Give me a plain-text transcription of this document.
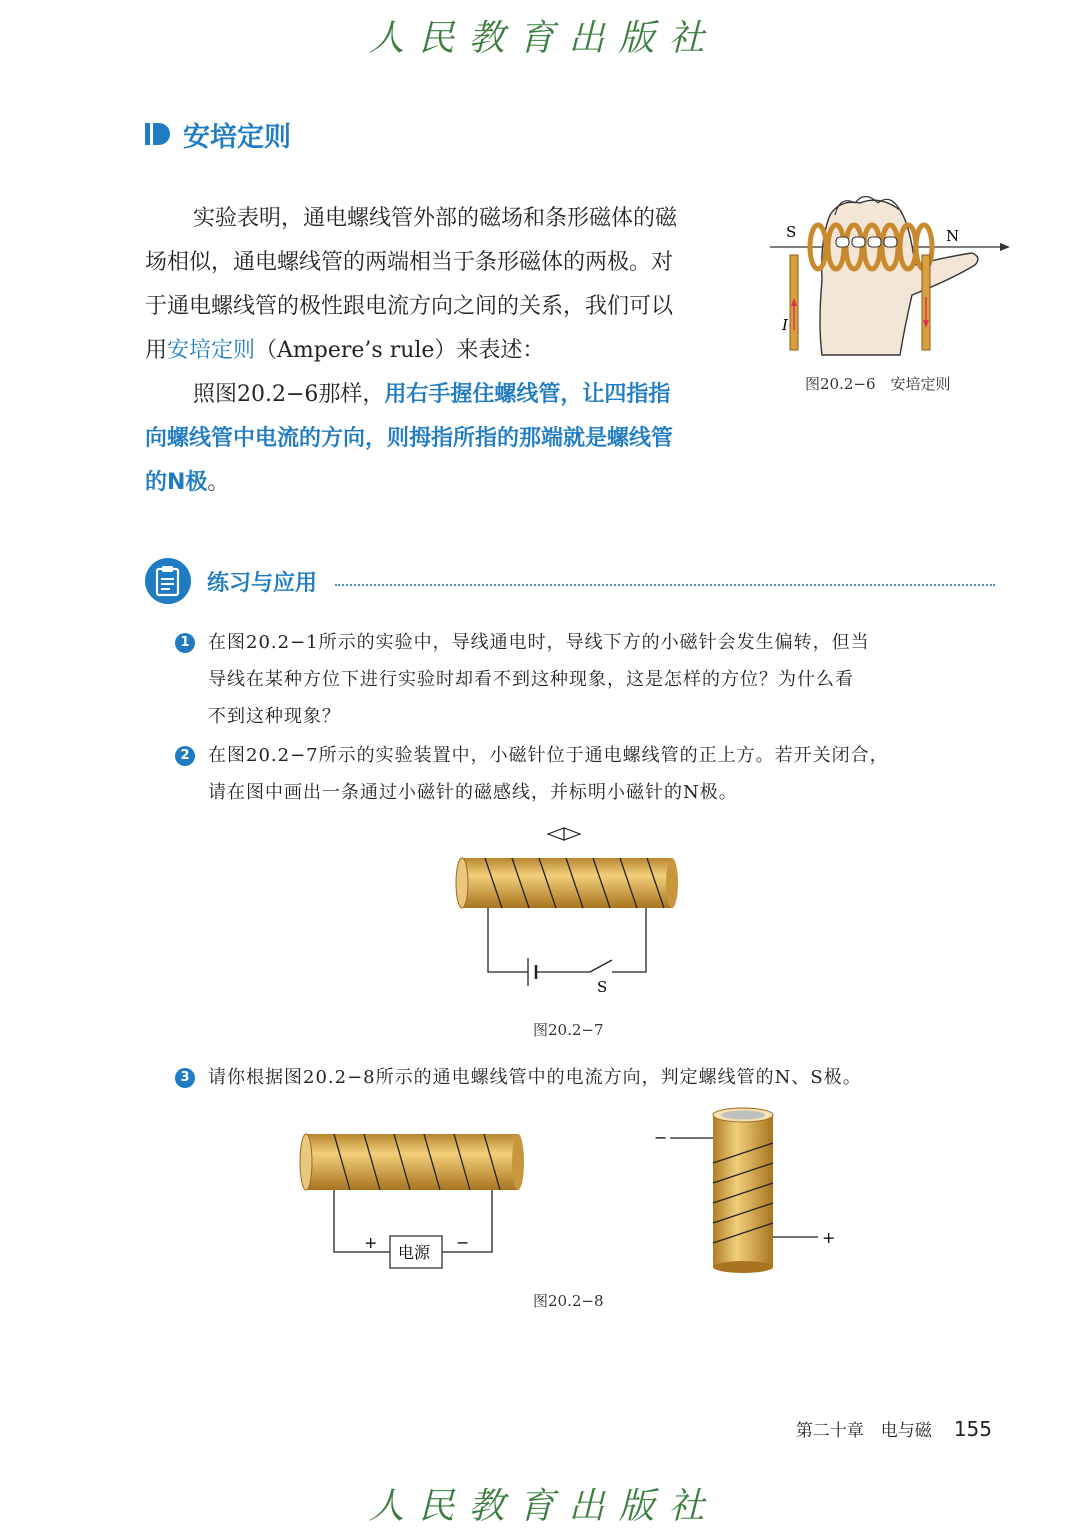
人民教育出版社
安培定则

实验表明，通电螺线管外部的磁场和条形磁体的磁

场相似，通电螺线管的两端相当于条形磁体的两极。对

于通电螺线管的极性跟电流方向之间的关系，我们可以

用安培定则（Ampere’s rule）来表述：

照图20.2−6那样，用右手握住螺线管，让四指指

向螺线管中电流的方向，则拇指所指的那端就是螺线管

的N极。

S	N
I
图20.2−6　安培定则
练习与应用
1	在图20.2−1所示的实验中，导线通电时，导线下方的小磁针会发生偏转，但当
导线在某种方位下进行实验时却看不到这种现象，这是怎样的方位？为什么看
不到这种现象？
2	在图20.2−7所示的实验装置中，小磁针位于通电螺线管的正上方。若开关闭合，
请在图中画出一条通过小磁针的磁感线，并标明小磁针的N极。
S
图20.2−7
3	请你根据图20.2−8所示的通电螺线管中的电流方向，判定螺线管的N、S极。
+	−
电源
−
+
图20.2−8
第二十章　电与磁 155
人民教育出版社
